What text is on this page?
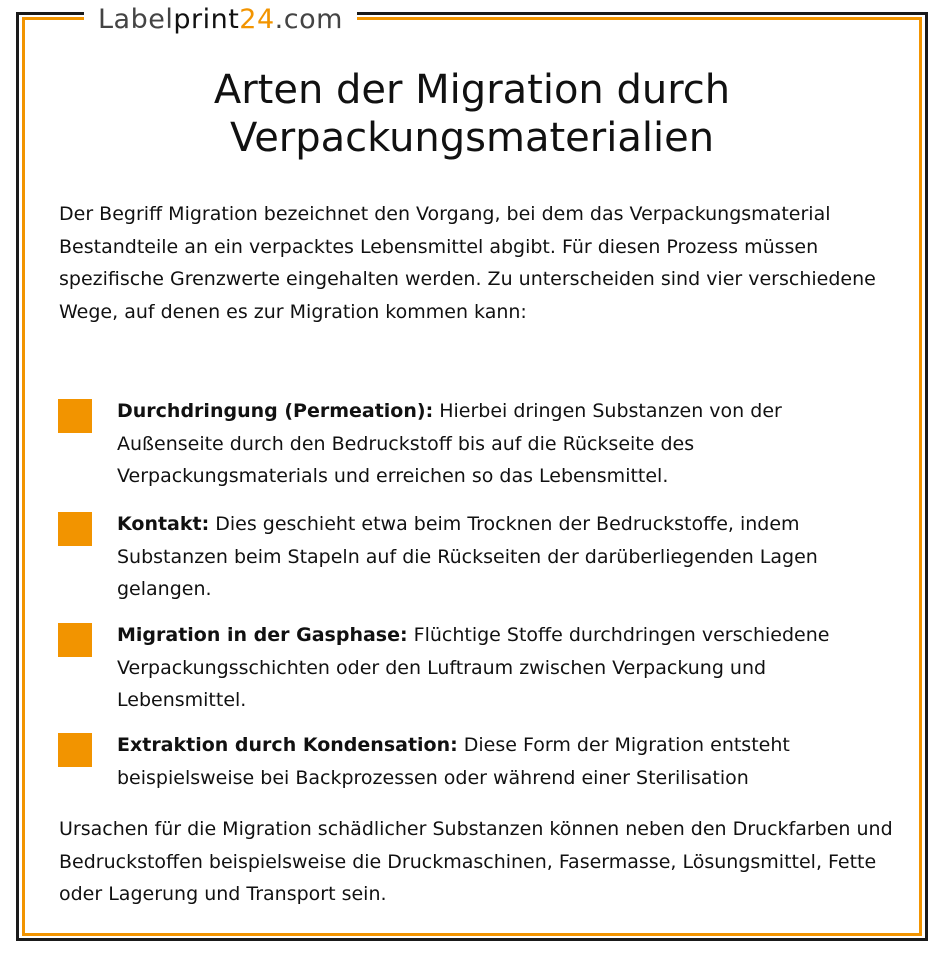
Labelprint24.com
Arten der Migration durch
Verpackungsmaterialien

Der Begriff Migration bezeichnet den Vorgang, bei dem das Verpackungsmaterial Bestandteile an ein verpacktes Lebensmittel abgibt. Für diesen Prozess müssen spezifische Grenzwerte eingehalten werden. Zu unterscheiden sind vier verschiedene Wege, auf denen es zur Migration kommen kann:

Durchdringung (Permeation): Hierbei dringen Substanzen von der Außenseite durch den Bedruckstoff bis auf die Rückseite des Verpackungsmaterials und erreichen so das Lebensmittel.
Kontakt: Dies geschieht etwa beim Trocknen der Bedruckstoffe, indem Substanzen beim Stapeln auf die Rückseiten der darüberliegenden Lagen gelangen.
Migration in der Gasphase: Flüchtige Stoffe durchdringen verschiedene Verpackungsschichten oder den Luftraum zwischen Verpackung und Lebensmittel.
Extraktion durch Kondensation: Diese Form der Migration entsteht beispielsweise bei Backprozessen oder während einer Sterilisation

Ursachen für die Migration schädlicher Substanzen können neben den Druckfarben und Bedruckstoffen beispielsweise die Druckmaschinen, Fasermasse, Lösungsmittel, Fette oder Lagerung und Transport sein.
